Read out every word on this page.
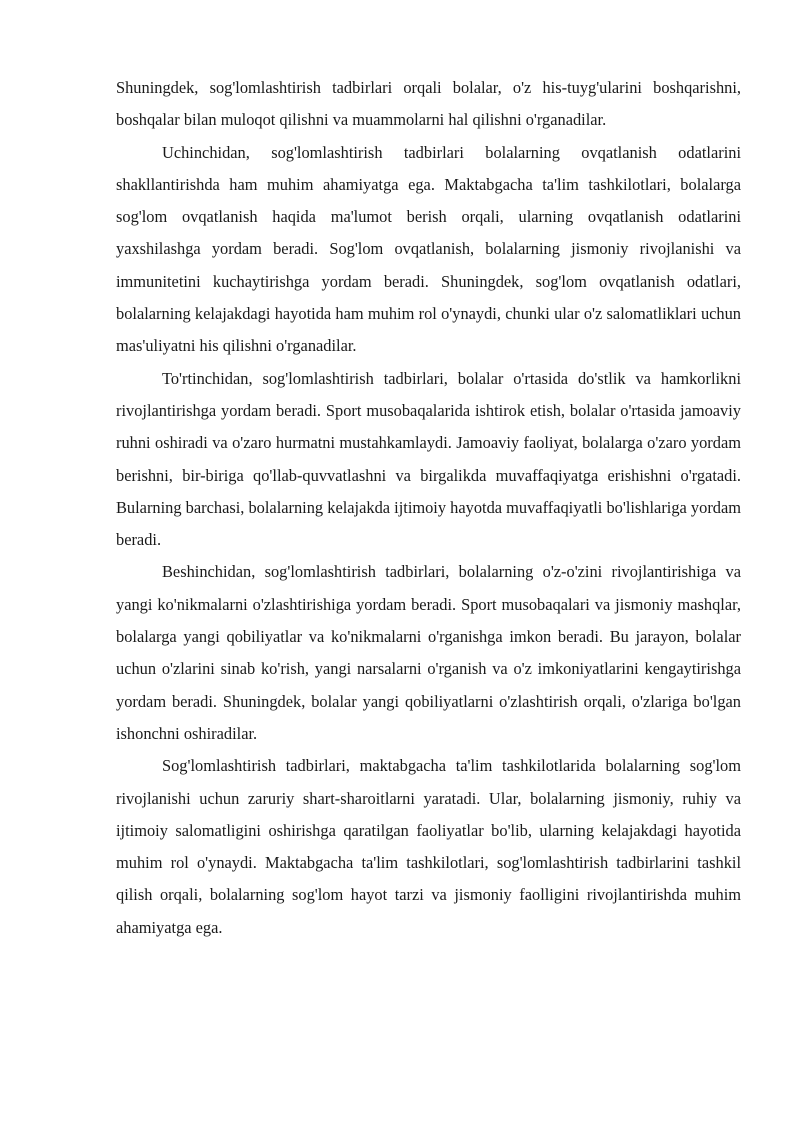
Shuningdek, sog'lomlashtirish tadbirlari orqali bolalar, o'z his-tuyg'ularini boshqarishni, boshqalar bilan muloqot qilishni va muammolarni hal qilishni o'rganadilar.

Uchinchidan, sog'lomlashtirish tadbirlari bolalarning ovqatlanish odatlarini shakllantirishda ham muhim ahamiyatga ega. Maktabgacha ta'lim tashkilotlari, bolalarga sog'lom ovqatlanish haqida ma'lumot berish orqali, ularning ovqatlanish odatlarini yaxshilashga yordam beradi. Sog'lom ovqatlanish, bolalarning jismoniy rivojlanishi va immunitetini kuchaytirishga yordam beradi. Shuningdek, sog'lom ovqatlanish odatlari, bolalarning kelajakdagi hayotida ham muhim rol o'ynaydi, chunki ular o'z salomatliklari uchun mas'uliyatni his qilishni o'rganadilar.

To'rtinchidan, sog'lomlashtirish tadbirlari, bolalar o'rtasida do'stlik va hamkorlikni rivojlantirishga yordam beradi. Sport musobaqalarida ishtirok etish, bolalar o'rtasida jamoaviy ruhni oshiradi va o'zaro hurmatni mustahkamlaydi. Jamoaviy faoliyat, bolalarga o'zaro yordam berishni, bir-biriga qo'llab-quvvatlashni va birgalikda muvaffaqiyatga erishishni o'rgatadi. Bularning barchasi, bolalarning kelajakda ijtimoiy hayotda muvaffaqiyatli bo'lishlariga yordam beradi.

Beshinchidan, sog'lomlashtirish tadbirlari, bolalarning o'z-o'zini rivojlantirishiga va yangi ko'nikmalarni o'zlashtirishiga yordam beradi. Sport musobaqalari va jismoniy mashqlar, bolalarga yangi qobiliyatlar va ko'nikmalarni o'rganishga imkon beradi. Bu jarayon, bolalar uchun o'zlarini sinab ko'rish, yangi narsalarni o'rganish va o'z imkoniyatlarini kengaytirishga yordam beradi. Shuningdek, bolalar yangi qobiliyatlarni o'zlashtirish orqali, o'zlariga bo'lgan ishonchni oshiradilar.

Sog'lomlashtirish tadbirlari, maktabgacha ta'lim tashkilotlarida bolalarning sog'lom rivojlanishi uchun zaruriy shart-sharoitlarni yaratadi. Ular, bolalarning jismoniy, ruhiy va ijtimoiy salomatligini oshirishga qaratilgan faoliyatlar bo'lib, ularning kelajakdagi hayotida muhim rol o'ynaydi. Maktabgacha ta'lim tashkilotlari, sog'lomlashtirish tadbirlarini tashkil qilish orqali, bolalarning sog'lom hayot tarzi va jismoniy faolligini rivojlantirishda muhim ahamiyatga ega.
